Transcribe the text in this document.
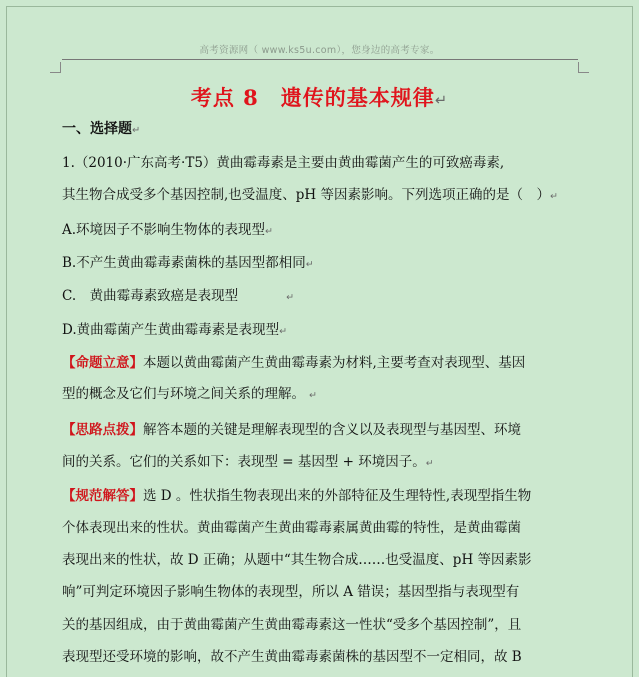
高考资源网（ www.ks5u.com），您身边的高考专家。
考点 8　遗传的基本规律↵
一、选择题↵
1.（2010·广东高考·T5）黄曲霉毒素是主要由黄曲霉菌产生的可致癌毒素,
其生物合成受多个基因控制,也受温度、pH 等因素影响。下列选项正确的是（　）↵
A.环境因子不影响生物体的表现型↵
B.不产生黄曲霉毒素菌株的基因型都相同↵
C.　黄曲霉毒素致癌是表现型	↵
D.黄曲霉菌产生黄曲霉毒素是表现型↵
【命题立意】本题以黄曲霉菌产生黄曲霉毒素为材料,主要考查对表现型、基因
型的概念及它们与环境之间关系的理解。 ↵
【思路点拨】解答本题的关键是理解表现型的含义以及表现型与基因型、环境
间的关系。它们的关系如下：表现型 = 基因型 + 环境因子。↵
【规范解答】选 D 。性状指生物表现出来的外部特征及生理特性,表现型指生物
个体表现出来的性状。黄曲霉菌产生黄曲霉毒素属黄曲霉的特性，是黄曲霉菌
表现出来的性状，故 D 正确；从题中“其生物合成……也受温度、pH 等因素影
响”可判定环境因子影响生物体的表现型，所以 A 错误；基因型指与表现型有
关的基因组成，由于黄曲霉菌产生黄曲霉毒素这一性状“受多个基因控制”，且
表现型还受环境的影响，故不产生黄曲霉毒素菌株的基因型不一定相同，故 B
